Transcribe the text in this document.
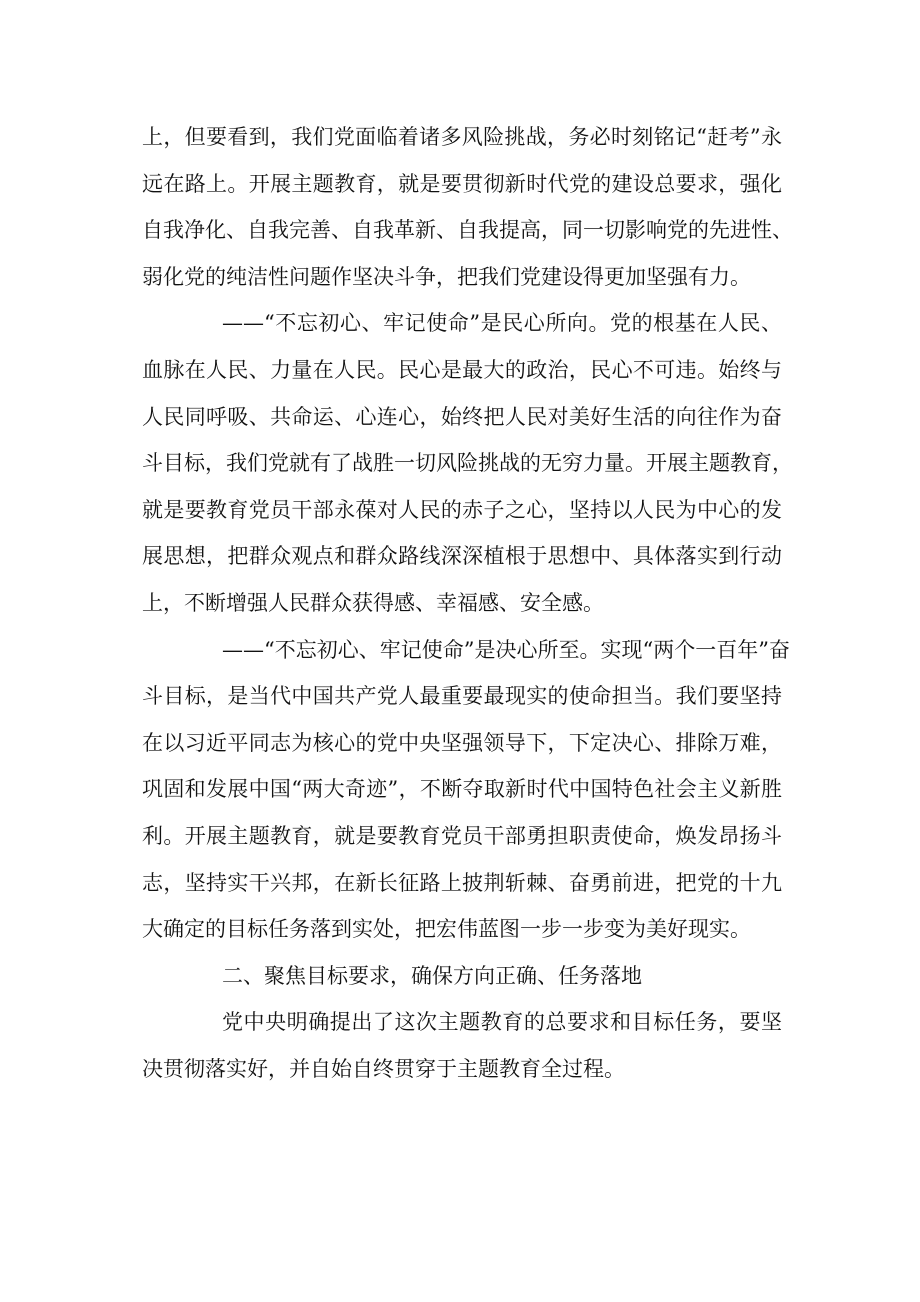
上，但要看到，我们党面临着诸多风险挑战，务必时刻铭记“赶考”永
远在路上。开展主题教育，就是要贯彻新时代党的建设总要求，强化
自我净化、自我完善、自我革新、自我提高，同一切影响党的先进性、
弱化党的纯洁性问题作坚决斗争，把我们党建设得更加坚强有力。
——“不忘初心、牢记使命”是民心所向。党的根基在人民、
血脉在人民、力量在人民。民心是最大的政治，民心不可违。始终与
人民同呼吸、共命运、心连心，始终把人民对美好生活的向往作为奋
斗目标，我们党就有了战胜一切风险挑战的无穷力量。开展主题教育，
就是要教育党员干部永葆对人民的赤子之心，坚持以人民为中心的发
展思想，把群众观点和群众路线深深植根于思想中、具体落实到行动
上，不断增强人民群众获得感、幸福感、安全感。
——“不忘初心、牢记使命”是决心所至。实现“两个一百年”奋
斗目标，是当代中国共产党人最重要最现实的使命担当。我们要坚持
在以习近平同志为核心的党中央坚强领导下，下定决心、排除万难，
巩固和发展中国“两大奇迹”，不断夺取新时代中国特色社会主义新胜
利。开展主题教育，就是要教育党员干部勇担职责使命，焕发昂扬斗
志，坚持实干兴邦，在新长征路上披荆斩棘、奋勇前进，把党的十九
大确定的目标任务落到实处，把宏伟蓝图一步一步变为美好现实。
二、聚焦目标要求，确保方向正确、任务落地
党中央明确提出了这次主题教育的总要求和目标任务，要坚
决贯彻落实好，并自始自终贯穿于主题教育全过程。
